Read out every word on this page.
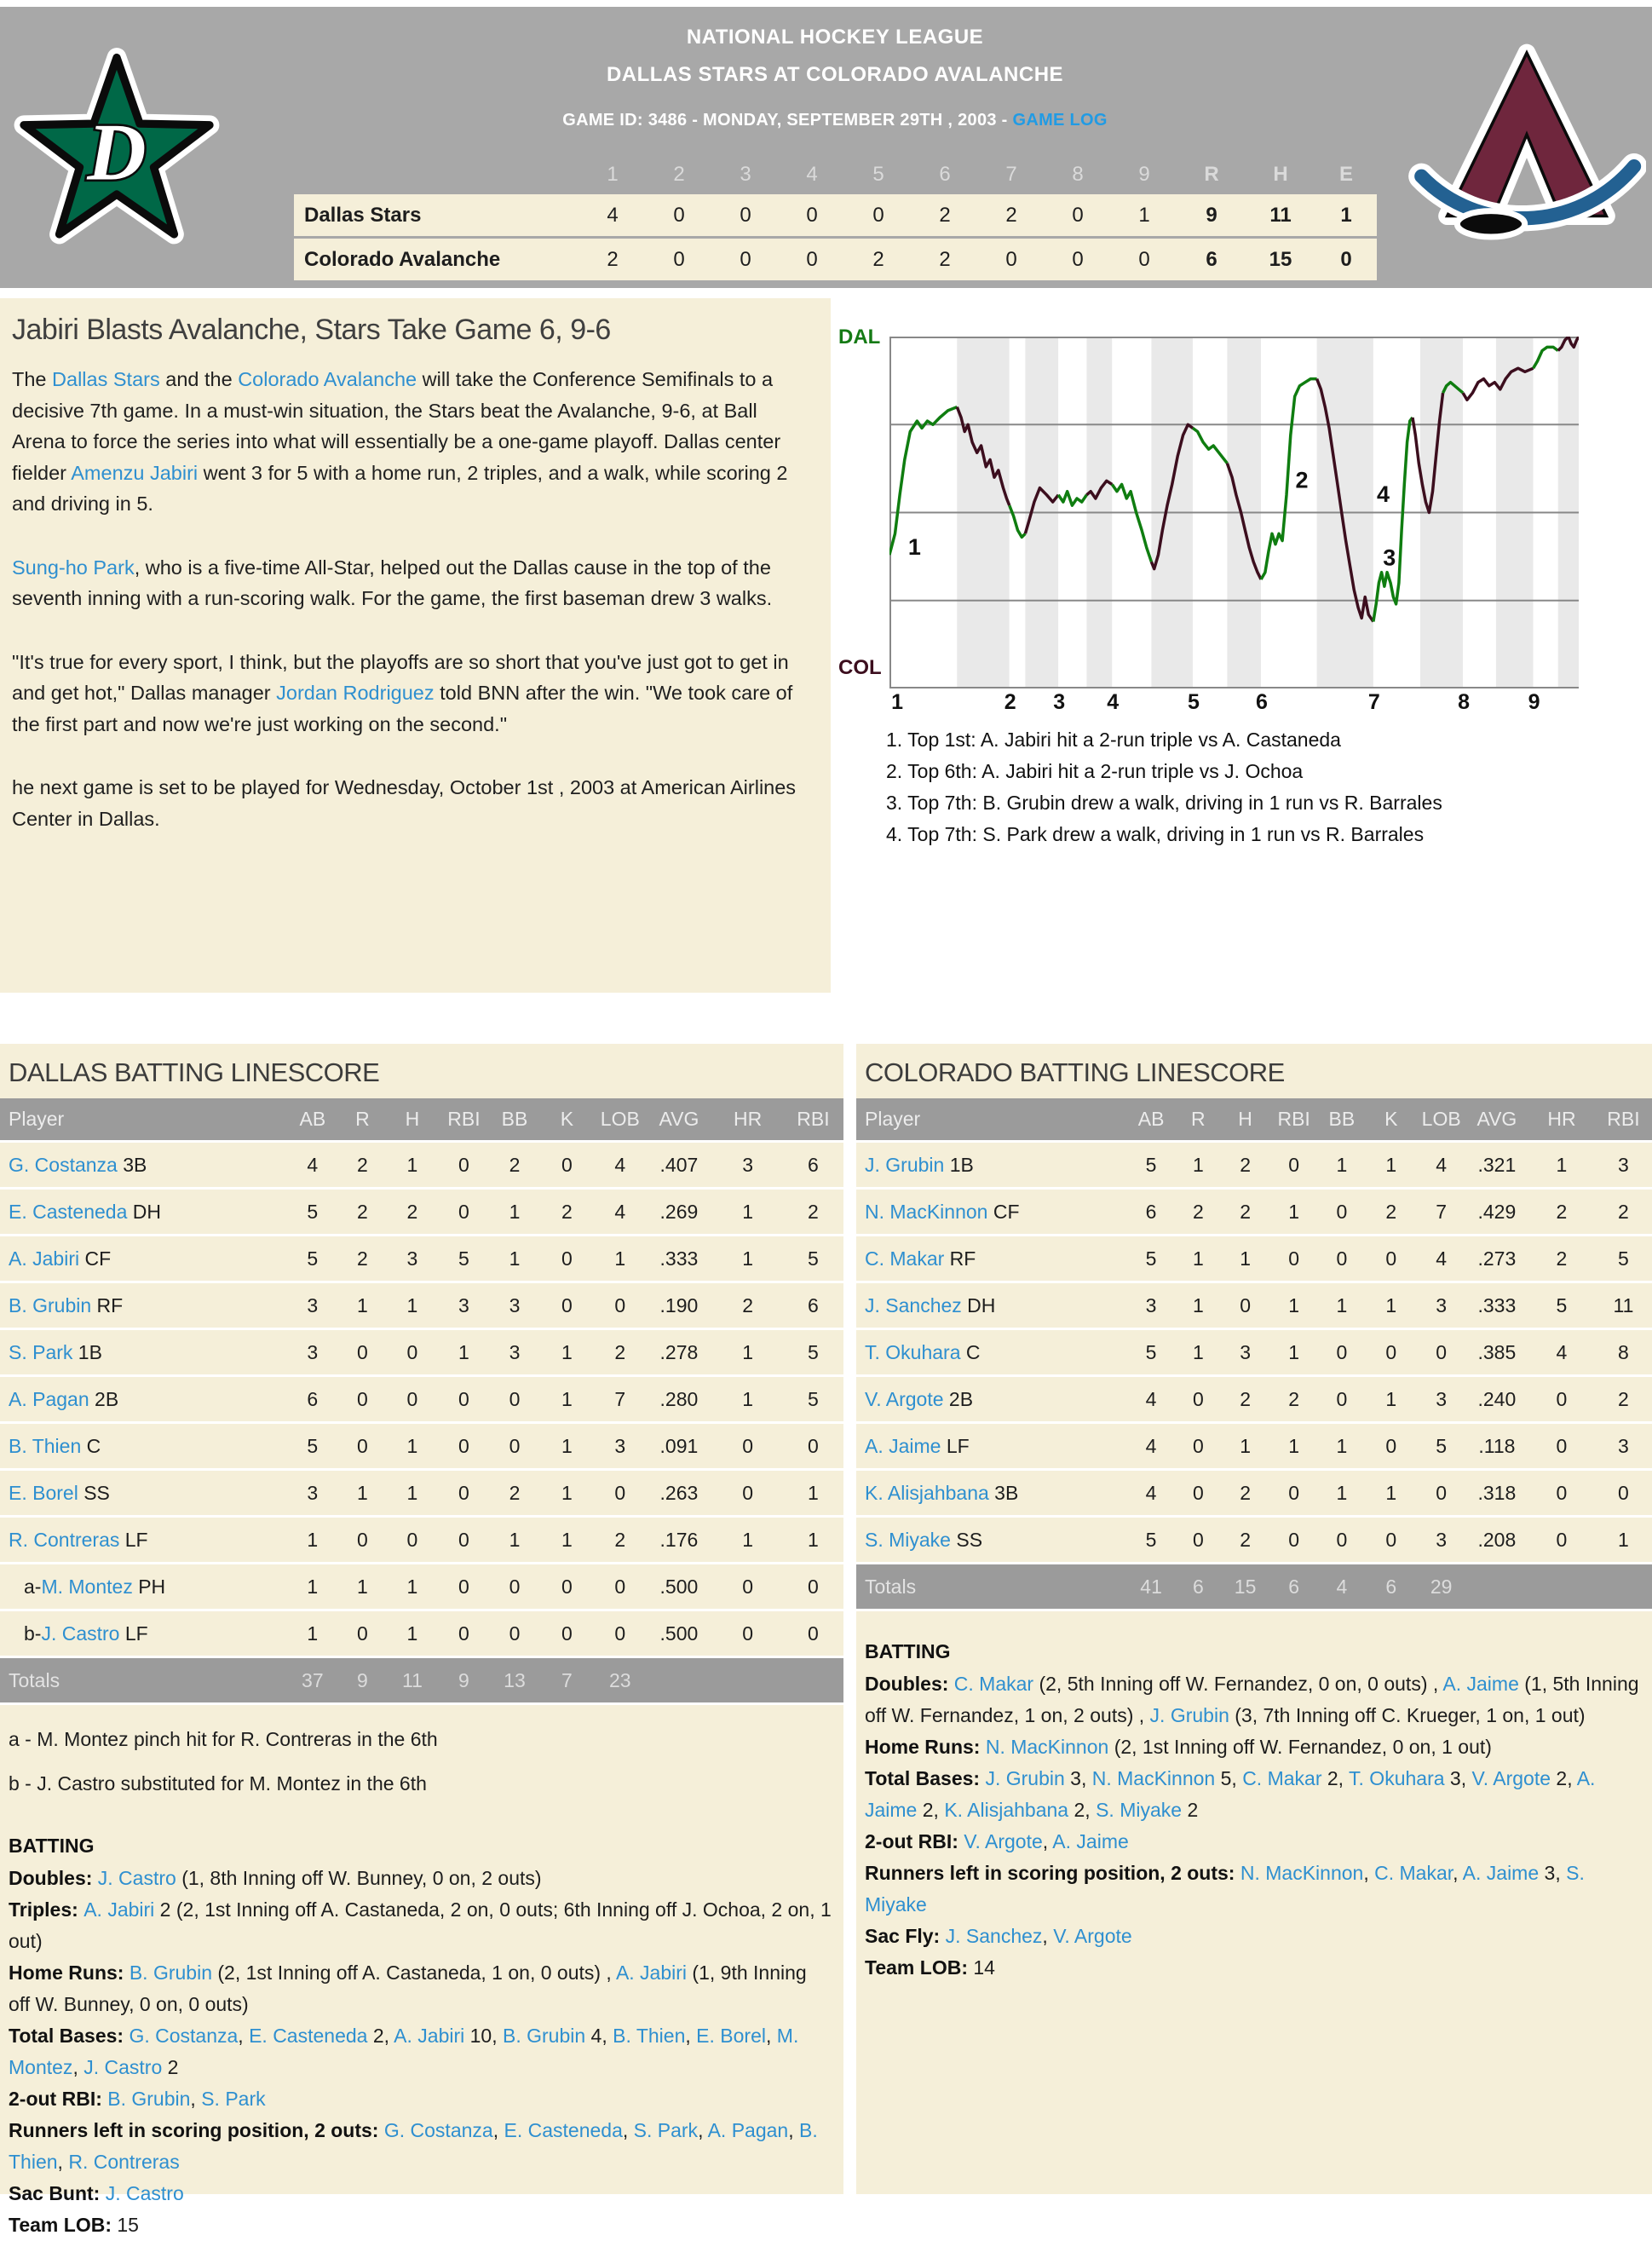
D
NATIONAL HOCKEY LEAGUE
DALLAS STARS AT COLORADO AVALANCHE
GAME ID: 3486 - MONDAY, SEPTEMBER 29TH , 2003 - GAME LOG
1	2	3	4	5	6	7	8	9	R	H	E
Dallas Stars	4	0	0	0	0	2	2	0	1	9	11	1
Colorado Avalanche	2	0	0	0	2	2	0	0	0	6	15	0
Jabiri Blasts Avalanche, Stars Take Game 6, 9-6

The Dallas Stars and the Colorado Avalanche will take the Conference Semifinals to a decisive 7th game. In a must-win situation, the Stars beat the Avalanche, 9-6, at Ball Arena to force the series into what will essentially be a one-game playoff. Dallas center fielder Amenzu Jabiri went 3 for 5 with a home run, 2 triples, and a walk, while scoring 2 and driving in 5.

Sung-ho Park, who is a five-time All-Star, helped out the Dallas cause in the top of the seventh inning with a run-scoring walk. For the game, the first baseman drew 3 walks.

"It's true for every sport, I think, but the playoffs are so short that you've just got to get in and get hot," Dallas manager Jordan Rodriguez told BNN after the win. "We took care of the first part and now we're just working on the second."

he next game is set to be played for Wednesday, October 1st , 2003 at American Airlines Center in Dallas.

DAL
COL
1
2
3
4
1	2 3 4	5	6	7	8	9
1. Top 1st: A. Jabiri hit a 2-run triple vs A. Castaneda
2. Top 6th: A. Jabiri hit a 2-run triple vs J. Ochoa
3. Top 7th: B. Grubin drew a walk, driving in 1 run vs R. Barrales
4. Top 7th: S. Park drew a walk, driving in 1 run vs R. Barrales
DALLAS BATTING LINESCORE
Player	AB	R	H	RBI	BB	K	LOB	AVG	HR	RBI
G. Costanza 3B	4	2	1	0	2	0	4	.407	3	6
E. Casteneda DH	5	2	2	0	1	2	4	.269	1	2
A. Jabiri CF	5	2	3	5	1	0	1	.333	1	5
B. Grubin RF	3	1	1	3	3	0	0	.190	2	6
S. Park 1B	3	0	0	1	3	1	2	.278	1	5
A. Pagan 2B	6	0	0	0	0	1	7	.280	1	5
B. Thien C	5	0	1	0	0	1	3	.091	0	0
E. Borel SS	3	1	1	0	2	1	0	.263	0	1
R. Contreras LF	1	0	0	0	1	1	2	.176	1	1
a-M. Montez PH	1	1	1	0	0	0	0	.500	0	0
b-J. Castro LF	1	0	1	0	0	0	0	.500	0	0
Totals	37	9	11	9	13	7	23			
a - M. Montez pinch hit for R. Contreras in the 6th
b - J. Castro substituted for M. Montez in the 6th
BATTING
Doubles: J. Castro (1, 8th Inning off W. Bunney, 0 on, 2 outs)
Triples: A. Jabiri 2 (2, 1st Inning off A. Castaneda, 2 on, 0 outs; 6th Inning off J. Ochoa, 2 on, 1 out)
Home Runs: B. Grubin (2, 1st Inning off A. Castaneda, 1 on, 0 outs) , A. Jabiri (1, 9th Inning off W. Bunney, 0 on, 0 outs)
Total Bases: G. Costanza, E. Casteneda 2, A. Jabiri 10, B. Grubin 4, B. Thien, E. Borel, M. Montez, J. Castro 2
2-out RBI: B. Grubin, S. Park
Runners left in scoring position, 2 outs: G. Costanza, E. Casteneda, S. Park, A. Pagan, B. Thien, R. Contreras
Sac Bunt: J. Castro
Team LOB: 15
COLORADO BATTING LINESCORE
Player	AB	R	H	RBI	BB	K	LOB	AVG	HR	RBI
J. Grubin 1B	5	1	2	0	1	1	4	.321	1	3
N. MacKinnon CF	6	2	2	1	0	2	7	.429	2	2
C. Makar RF	5	1	1	0	0	0	4	.273	2	5
J. Sanchez DH	3	1	0	1	1	1	3	.333	5	11
T. Okuhara C	5	1	3	1	0	0	0	.385	4	8
V. Argote 2B	4	0	2	2	0	1	3	.240	0	2
A. Jaime LF	4	0	1	1	1	0	5	.118	0	3
K. Alisjahbana 3B	4	0	2	0	1	1	0	.318	0	0
S. Miyake SS	5	0	2	0	0	0	3	.208	0	1
Totals	41	6	15	6	4	6	29			
BATTING
Doubles: C. Makar (2, 5th Inning off W. Fernandez, 0 on, 0 outs) , A. Jaime (1, 5th Inning off W. Fernandez, 1 on, 2 outs) , J. Grubin (3, 7th Inning off C. Krueger, 1 on, 1 out)
Home Runs: N. MacKinnon (2, 1st Inning off W. Fernandez, 0 on, 1 out)
Total Bases: J. Grubin 3, N. MacKinnon 5, C. Makar 2, T. Okuhara 3, V. Argote 2, A. Jaime 2, K. Alisjahbana 2, S. Miyake 2
2-out RBI: V. Argote, A. Jaime
Runners left in scoring position, 2 outs: N. MacKinnon, C. Makar, A. Jaime 3, S. Miyake
Sac Fly: J. Sanchez, V. Argote
Team LOB: 14
